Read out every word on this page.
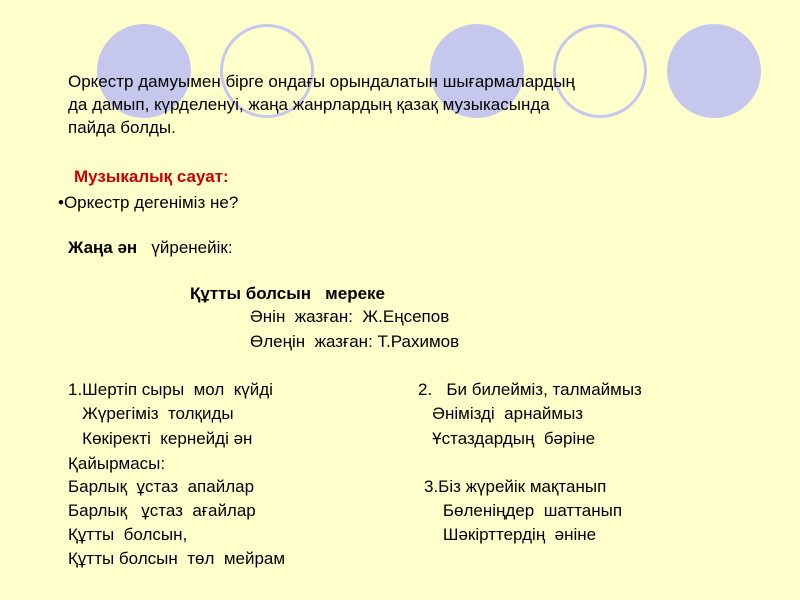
Оркестр дамуымен бірге ондағы орындалатын шығармалардың
да дамып, күрделенуі, жаңа жанрлардың қазақ музыкасында
пайда болды.
Музыкалық сауат:
•Оркестр дегеніміз не?
Жаңа ән   үйренейік:
Құтты болсын   мереке
Әнін  жазған:  Ж.Еңсепов
Өлеңін  жазған: Т.Рахимов
1.Шертіп сыры  мол  күйді
Жүрегіміз  толқиды
Көкіректі  кернейді ән
Қайырмасы:
Барлық  ұстаз  апайлар
Барлық   ұстаз  ағайлар
Құтты  болсын,
Құтты болсын  төл  мейрам
2.   Би билейміз, талмаймыз
Әнімізді  арнаймыз
Ұстаздардың  бәріне
3.Біз жүрейік мақтанып
Бөленіңдер  шаттанып
Шәкірттердің  әніне
